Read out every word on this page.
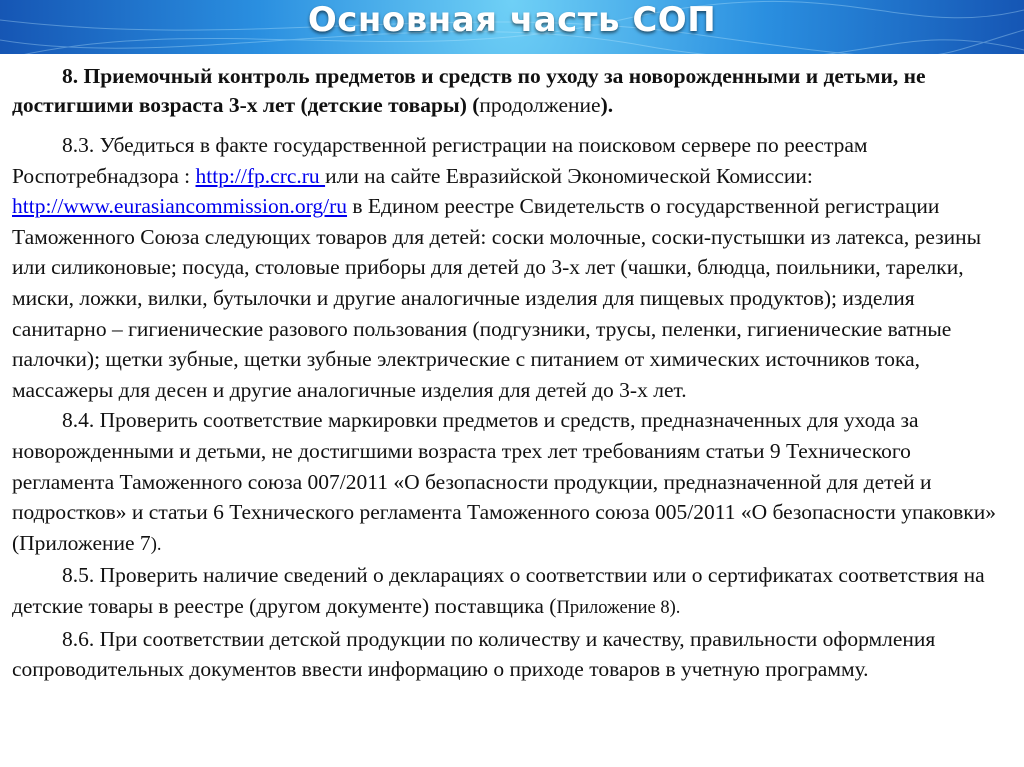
Основная часть СОП

8. Приемочный контроль предметов и средств по уходу за новорожденными и детьми, не достигшими возраста 3-х лет (детские товары) (продолжение).

8.3. Убедиться в факте государственной регистрации на поисковом сервере по реестрам Роспотребнадзора : http://fp.crc.ru или на сайте Евразийской Экономической Комиссии: http://www.eurasiancommission.org/ru в Едином реестре Свидетельств о государственной регистрации Таможенного Союза следующих товаров для детей: соски молочные, соски-пустышки из латекса, резины или силиконовые; посуда, столовые приборы для детей до 3-х лет (чашки, блюдца, поильники, тарелки, миски, ложки, вилки, бутылочки и другие аналогичные изделия для пищевых продуктов); изделия санитарно – гигиенические разового пользования (подгузники, трусы, пеленки, гигиенические ватные палочки); щетки зубные, щетки зубные электрические с питанием от химических источников тока, массажеры для десен и другие аналогичные изделия для детей до 3-х лет.

8.4. Проверить соответствие маркировки предметов и средств, предназначенных для ухода за новорожденными и детьми, не достигшими возраста трех лет требованиям статьи 9 Технического регламента Таможенного союза 007/2011 «О безопасности продукции, предназначенной для детей и подростков» и статьи 6 Технического регламента Таможенного союза 005/2011 «О безопасности упаковки» (Приложение 7).

8.5. Проверить наличие сведений о декларациях о соответствии или о сертификатах соответствия на детские товары в реестре (другом документе) поставщика (Приложение 8).

8.6. При соответствии детской продукции по количеству и качеству, правильности оформления сопроводительных документов ввести информацию о приходе товаров в учетную программу.
